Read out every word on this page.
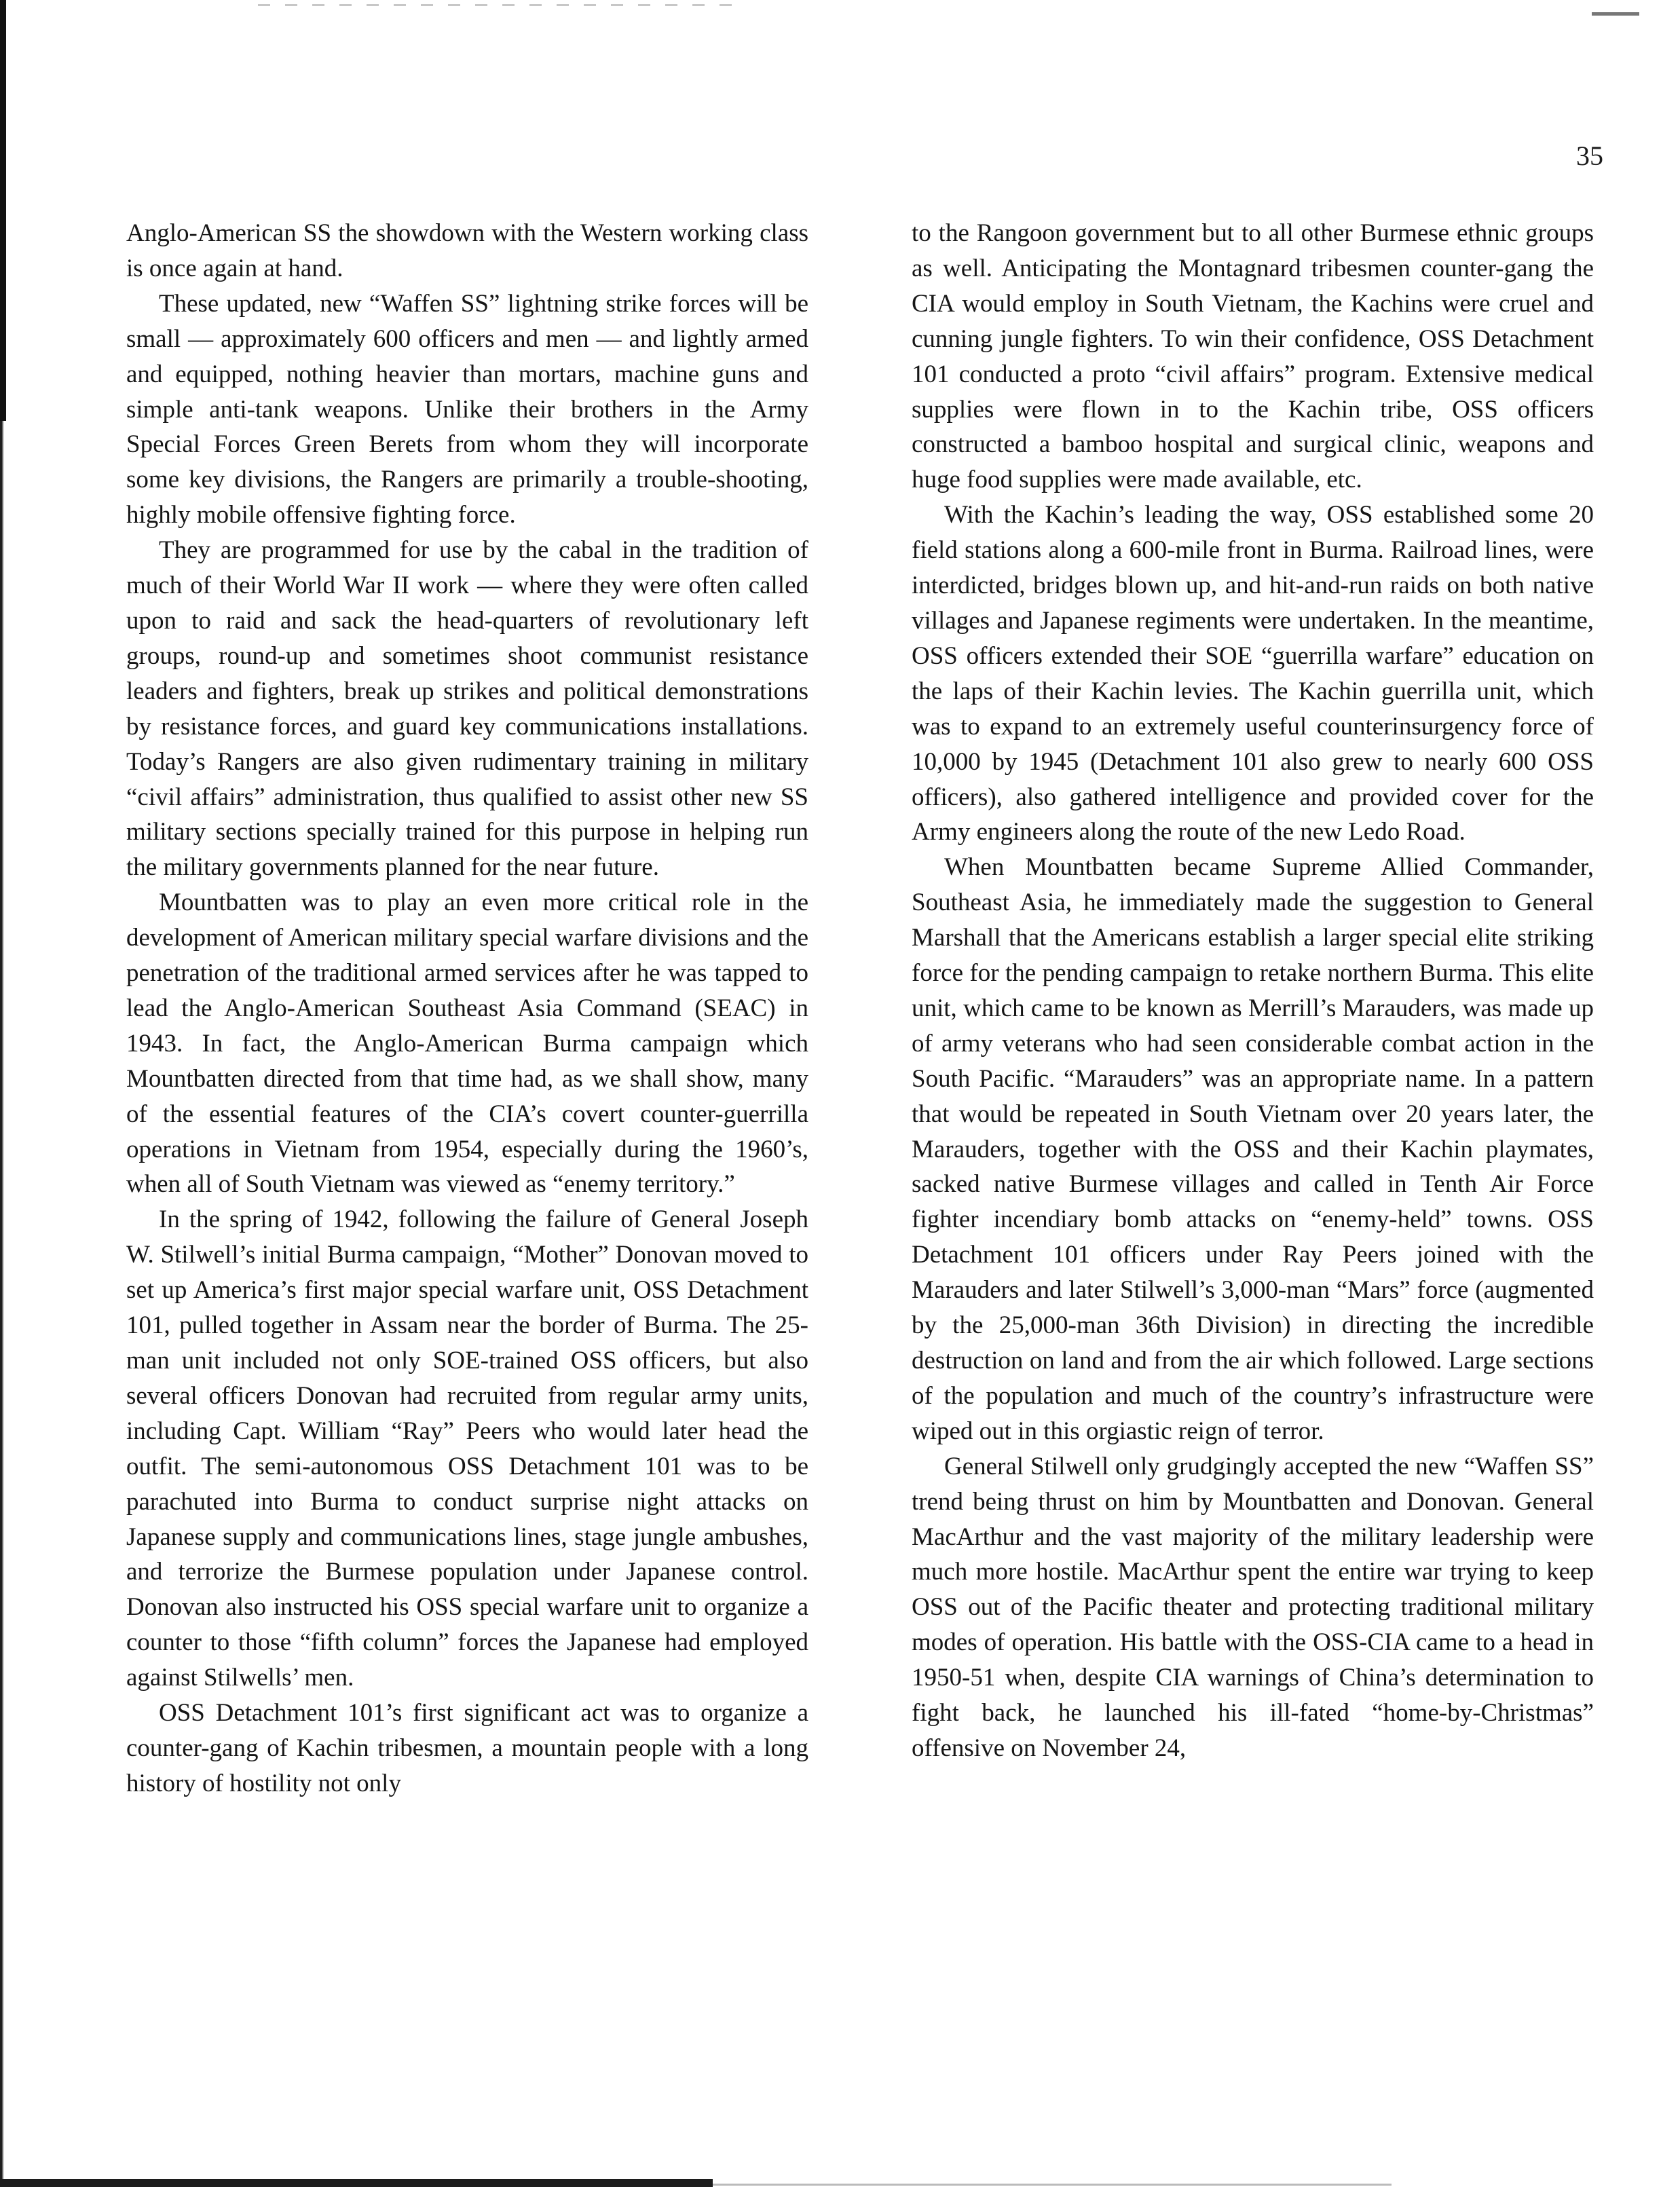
35

Anglo-American SS the showdown with the Western working class is once again at hand.

These updated, new “Waffen SS” lightning strike forces will be small — approximately 600 officers and men — and lightly armed and equipped, nothing heavier than mortars, machine guns and simple anti-tank weapons. Unlike their brothers in the Army Special Forces Green Berets from whom they will incorporate some key divisions, the Rangers are primarily a trouble-shooting, highly mobile offensive fighting force.

They are programmed for use by the cabal in the tradition of much of their World War II work — where they were often called upon to raid and sack the head-quarters of revolutionary left groups, round-up and sometimes shoot communist resistance leaders and fighters, break up strikes and political demonstrations by resistance forces, and guard key communications installations. Today’s Rangers are also given rudimentary training in military “civil affairs” administration, thus qualified to assist other new SS military sections specially trained for this purpose in helping run the military governments planned for the near future.

Mountbatten was to play an even more critical role in the development of American military special warfare divisions and the penetration of the traditional armed services after he was tapped to lead the Anglo-American Southeast Asia Command (SEAC) in 1943. In fact, the Anglo-American Burma campaign which Mountbatten directed from that time had, as we shall show, many of the essential features of the CIA’s covert counter-guerrilla operations in Vietnam from 1954, especially during the 1960’s, when all of South Vietnam was viewed as “enemy territory.”

In the spring of 1942, following the failure of General Joseph W. Stilwell’s initial Burma campaign, “Mother” Donovan moved to set up America’s first major special warfare unit, OSS Detachment 101, pulled together in Assam near the border of Burma. The 25-man unit included not only SOE-trained OSS officers, but also several officers Donovan had recruited from regular army units, including Capt. William “Ray” Peers who would later head the outfit. The semi-autonomous OSS Detachment 101 was to be parachuted into Burma to conduct surprise night attacks on Japanese supply and communications lines, stage jungle ambushes, and terrorize the Burmese population under Japanese control. Donovan also instructed his OSS special warfare unit to organize a counter to those “fifth column” forces the Japanese had employed against Stilwells’ men.

OSS Detachment 101’s first significant act was to organize a counter-gang of Kachin tribesmen, a mountain people with a long history of hostility not only

to the Rangoon government but to all other Burmese ethnic groups as well. Anticipating the Montagnard tribesmen counter-gang the CIA would employ in South Vietnam, the Kachins were cruel and cunning jungle fighters. To win their confidence, OSS Detachment 101 conducted a proto “civil affairs” program. Extensive medical supplies were flown in to the Kachin tribe, OSS officers constructed a bamboo hospital and surgical clinic, weapons and huge food supplies were made available, etc.

With the Kachin’s leading the way, OSS established some 20 field stations along a 600-mile front in Burma. Railroad lines, were interdicted, bridges blown up, and hit-and-run raids on both native villages and Japanese regiments were undertaken. In the meantime, OSS officers extended their SOE “guerrilla warfare” education on the laps of their Kachin levies. The Kachin guerrilla unit, which was to expand to an extremely useful counterinsurgency force of 10,000 by 1945 (Detachment 101 also grew to nearly 600 OSS officers), also gathered intelligence and provided cover for the Army engineers along the route of the new Ledo Road.

When Mountbatten became Supreme Allied Commander, Southeast Asia, he immediately made the suggestion to General Marshall that the Americans establish a larger special elite striking force for the pending campaign to retake northern Burma. This elite unit, which came to be known as Merrill’s Marauders, was made up of army veterans who had seen considerable combat action in the South Pacific. “Marauders” was an appropriate name. In a pattern that would be repeated in South Vietnam over 20 years later, the Marauders, together with the OSS and their Kachin playmates, sacked native Burmese villages and called in Tenth Air Force fighter incendiary bomb attacks on “enemy-held” towns. OSS Detachment 101 officers under Ray Peers joined with the Marauders and later Stilwell’s 3,000-man “Mars” force (augmented by the 25,000-man 36th Division) in directing the incredible destruction on land and from the air which followed. Large sections of the population and much of the country’s infrastructure were wiped out in this orgiastic reign of terror.

General Stilwell only grudgingly accepted the new “Waffen SS” trend being thrust on him by Mountbatten and Donovan. General MacArthur and the vast majority of the military leadership were much more hostile. MacArthur spent the entire war trying to keep OSS out of the Pacific theater and protecting traditional military modes of operation. His battle with the OSS-CIA came to a head in 1950-51 when, despite CIA warnings of China’s determination to fight back, he launched his ill-fated “home-by-Christmas” offensive on November 24,
